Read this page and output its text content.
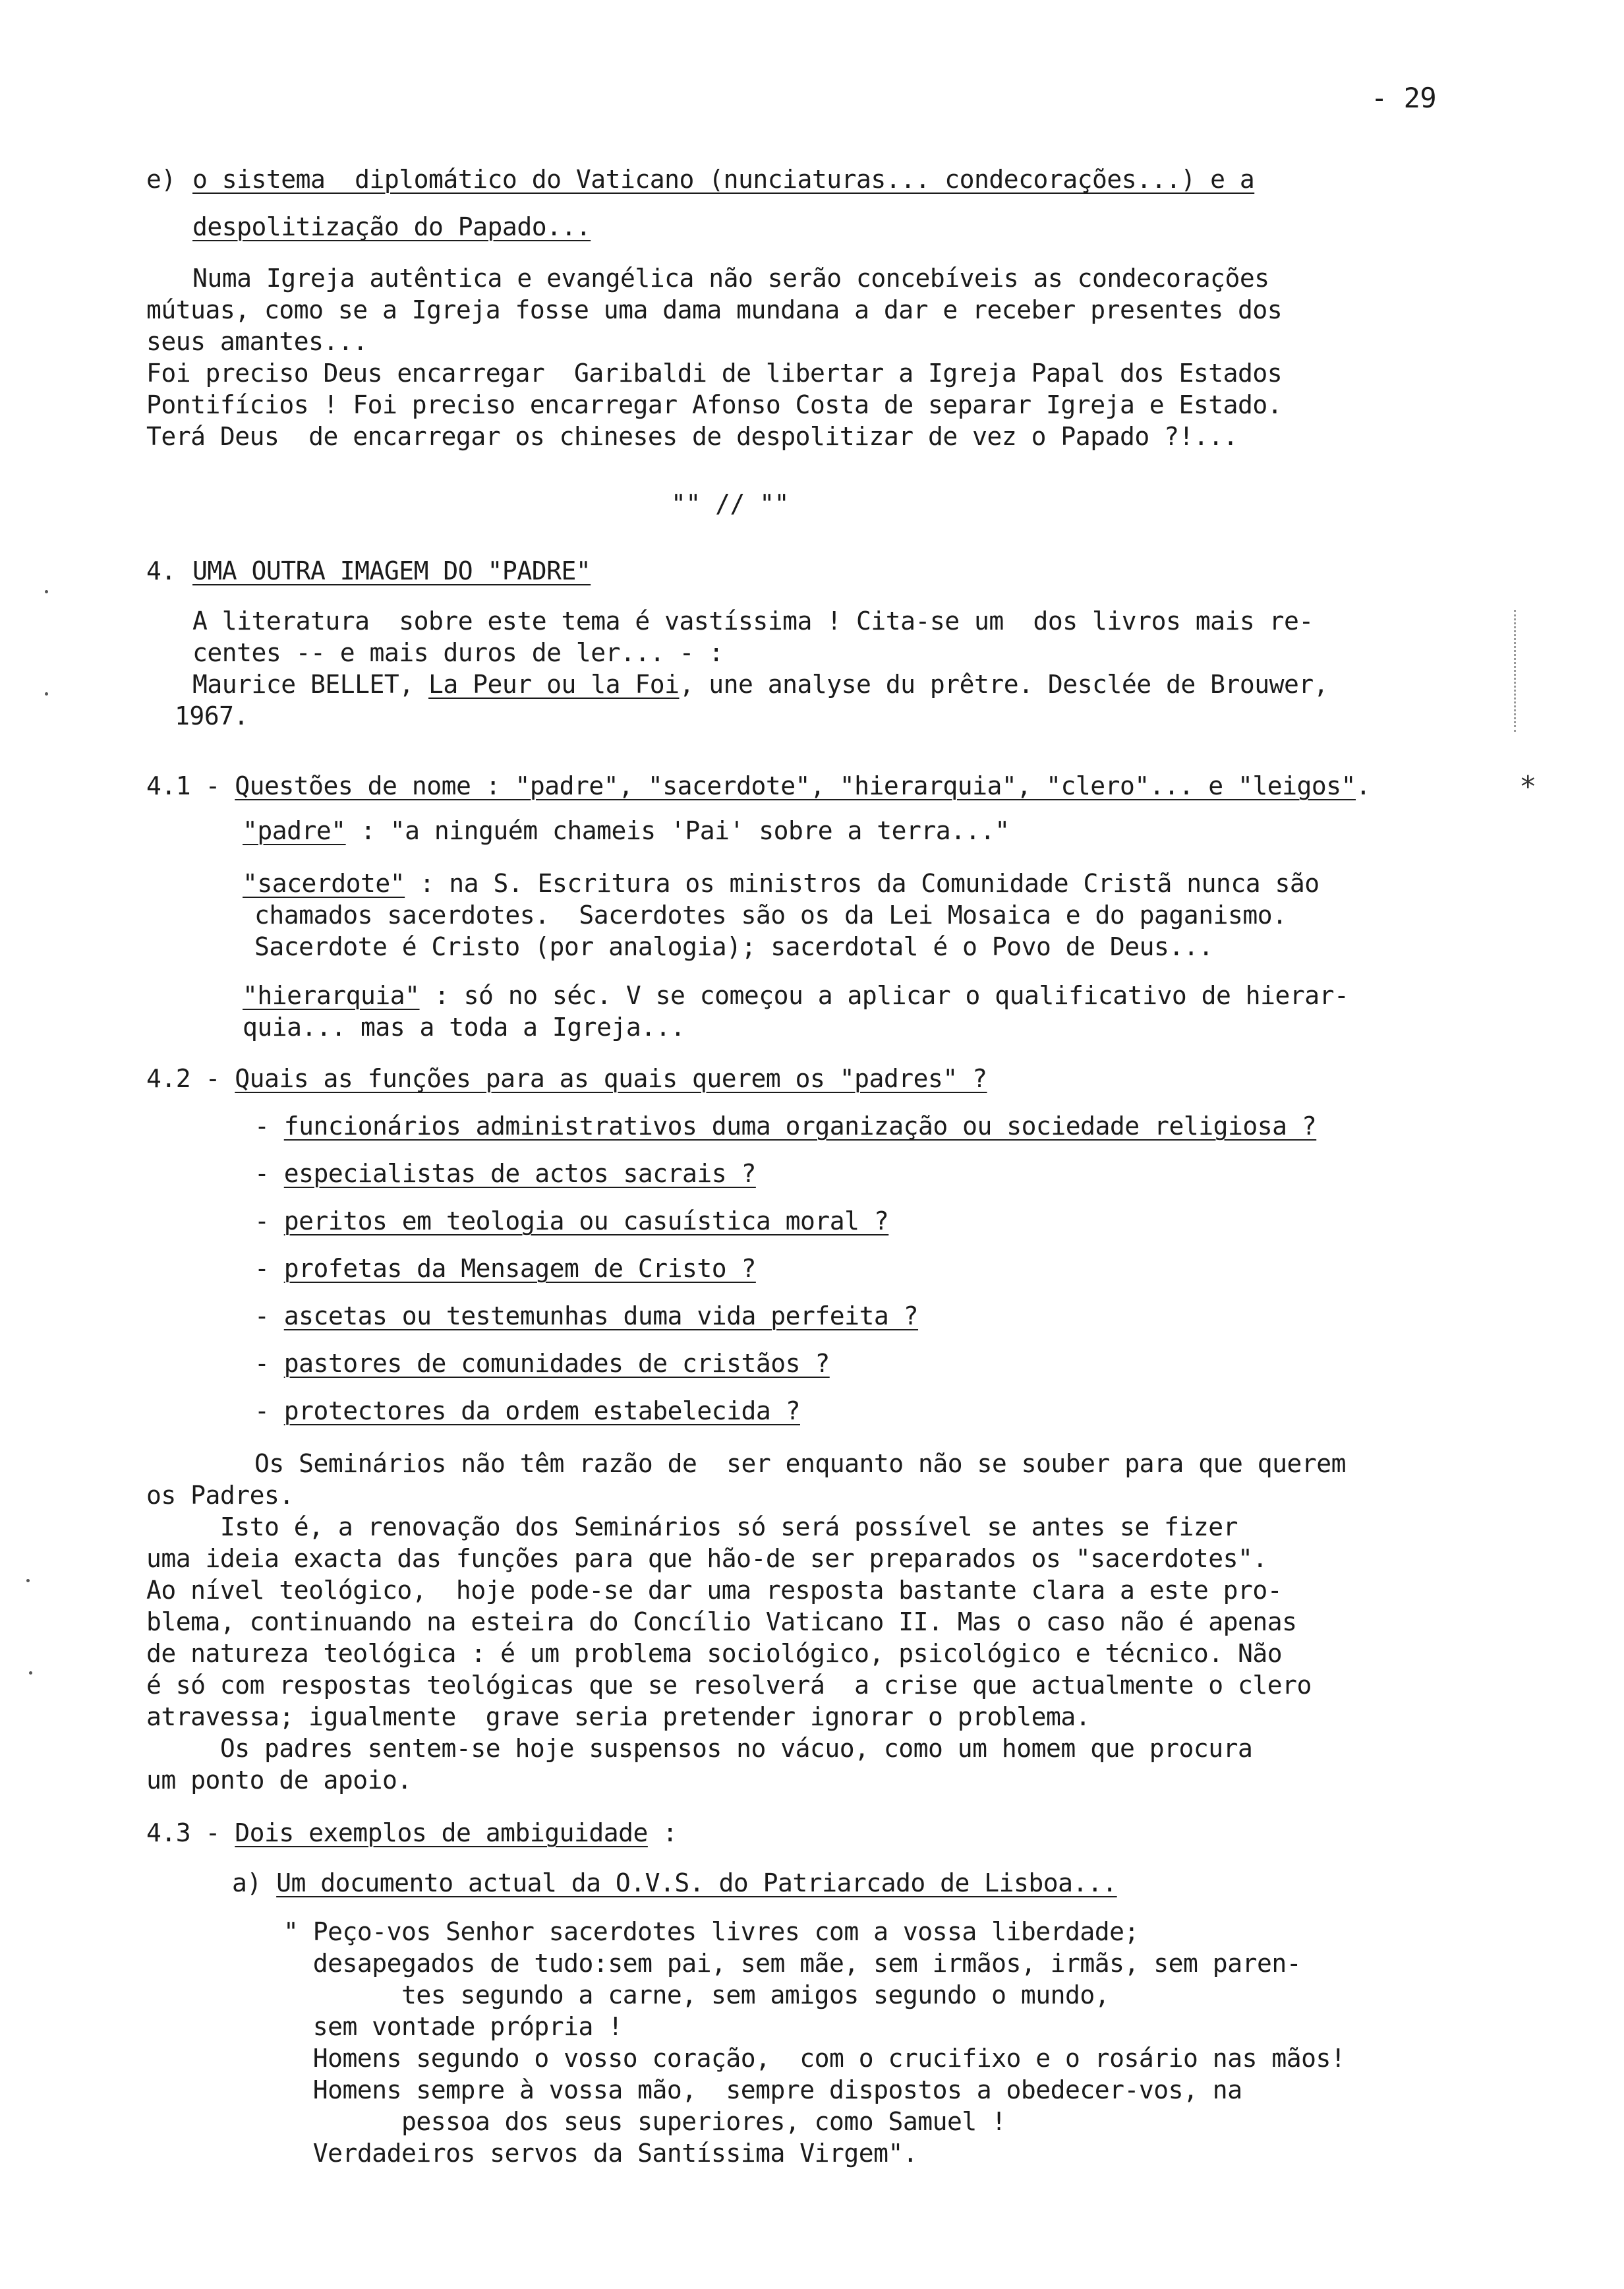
- 29
e) o sistema  diplomático do Vaticano (nunciaturas... condecorações...) e a
despolitização do Papado...
Numa Igreja autêntica e evangélica não serão concebíveis as condecorações
mútuas, como se a Igreja fosse uma dama mundana a dar e receber presentes dos
seus amantes...
Foi preciso Deus encarregar  Garibaldi de libertar a Igreja Papal dos Estados
Pontifícios ! Foi preciso encarregar Afonso Costa de separar Igreja e Estado.
Terá Deus  de encarregar os chineses de despolitizar de vez o Papado ?!...
"" // ""
4. UMA OUTRA IMAGEM DO "PADRE"
A literatura  sobre este tema é vastíssima ! Cita-se um  dos livros mais re-
centes -- e mais duros de ler... - :
Maurice BELLET, La Peur ou la Foi, une analyse du prêtre. Desclée de Brouwer,
1967.
4.1 - Questões de nome : "padre", "sacerdote", "hierarquia", "clero"... e "leigos".	*
"padre" : "a ninguém chameis 'Pai' sobre a terra..."
"sacerdote" : na S. Escritura os ministros da Comunidade Cristã nunca são
chamados sacerdotes.  Sacerdotes são os da Lei Mosaica e do paganismo.
Sacerdote é Cristo (por analogia); sacerdotal é o Povo de Deus...
"hierarquia" : só no séc. V se começou a aplicar o qualificativo de hierar-
quia... mas a toda a Igreja...
4.2 - Quais as funções para as quais querem os "padres" ?
- funcionários administrativos duma organização ou sociedade religiosa ?
- especialistas de actos sacrais ?
- peritos em teologia ou casuística moral ?
- profetas da Mensagem de Cristo ?
- ascetas ou testemunhas duma vida perfeita ?
- pastores de comunidades de cristãos ?
- protectores da ordem estabelecida ?
Os Seminários não têm razão de  ser enquanto não se souber para que querem
os Padres.
Isto é, a renovação dos Seminários só será possível se antes se fizer
uma ideia exacta das funções para que hão-de ser preparados os "sacerdotes".
Ao nível teológico,  hoje pode-se dar uma resposta bastante clara a este pro-
blema, continuando na esteira do Concílio Vaticano II. Mas o caso não é apenas
de natureza teológica : é um problema sociológico, psicológico e técnico. Não
é só com respostas teológicas que se resolverá  a crise que actualmente o clero
atravessa; igualmente  grave seria pretender ignorar o problema.
Os padres sentem-se hoje suspensos no vácuo, como um homem que procura
um ponto de apoio.
4.3 - Dois exemplos de ambiguidade :
a) Um documento actual da O.V.S. do Patriarcado de Lisboa...
" Peço-vos Senhor sacerdotes livres com a vossa liberdade;
desapegados de tudo:sem pai, sem mãe, sem irmãos, irmãs, sem paren-
tes segundo a carne, sem amigos segundo o mundo,
sem vontade própria !
Homens segundo o vosso coração,  com o crucifixo e o rosário nas mãos!
Homens sempre à vossa mão,  sempre dispostos a obedecer-vos, na
pessoa dos seus superiores, como Samuel !
Verdadeiros servos da Santíssima Virgem".
